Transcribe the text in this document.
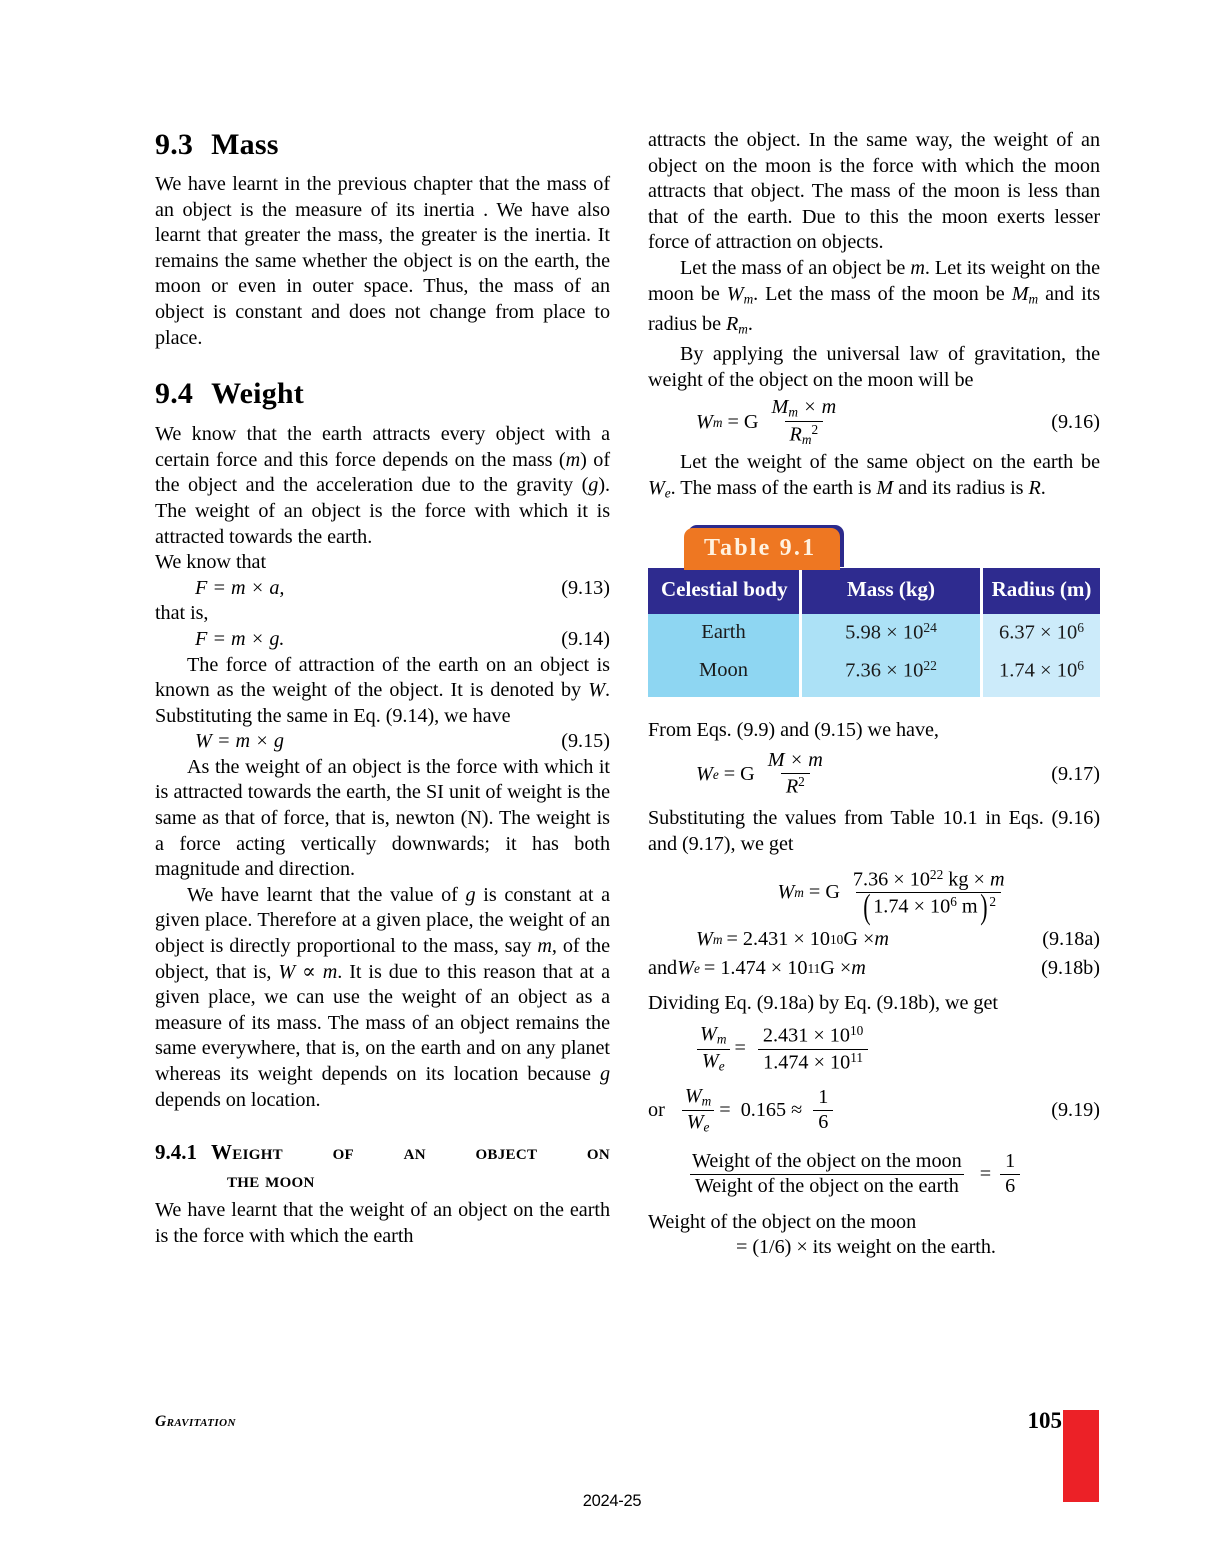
9.3 Mass

We have learnt in the previous chapter that the mass of an object is the measure of its inertia . We have also learnt that greater the mass, the greater is the inertia. It remains the same whether the object is on the earth, the moon or even in outer space. Thus, the mass of an object is constant and does not change from place to place.

9.4 Weight

We know that the earth attracts every object with a certain force and this force depends on the mass (m) of the object and the acceleration due to the gravity (g). The weight of an object is the force with which it is attracted towards the earth.

We know that

F = m × a,	(9.13)

that is,

F = m × g.	(9.14)

The force of attraction of the earth on an object is known as the weight of the object. It is denoted by W. Substituting the same in Eq. (9.14), we have

W = m × g	(9.15)

As the weight of an object is the force with which it is attracted towards the earth, the SI unit of weight is the same as that of force, that is, newton (N). The weight is a force acting vertically downwards; it has both magnitude and direction.

We have learnt that the value of g is constant at a given place. Therefore at a given place, the weight of an object is directly proportional to the mass, say m, of the object, that is, W ∝ m. It is due to this reason that at a given place, we can use the weight of an object as a measure of its mass. The mass of an object remains the same everywhere, that is, on the earth and on any planet whereas its weight depends on its location because g depends on location.

9.4.1 Weight of an object on
the moon

We have learnt that the weight of an object on the earth is the force with which the earth

attracts the object. In the same way, the weight of an object on the moon is the force with which the moon attracts that object. The mass of the moon is less than that of the earth. Due to this the moon exerts lesser force of attraction on objects.

Let the mass of an object be m. Let its weight on the moon be $W_m$. Let the mass of the moon be $M_m$ and its radius be $R_m$.

By applying the universal law of gravitation, the weight of the object on the moon will be

W m = G $\frac{M_m \times m}{R_m^2}$	(9.16)

Let the weight of the same object on the earth be $W_e$. The mass of the earth is M and its radius is R.

Table 9.1
Celestial body	Mass (kg)	Radius (m)
Earth	$5.98 \times 10^{24}$	$6.37 \times 10^6$
Moon	$7.36 \times 10^{22}$	$1.74 \times 10^6$

From Eqs. (9.9) and (9.15) we have,

W e = G $\frac{M \times m}{R^2}$	(9.17)

Substituting the values from Table 10.1 in Eqs. (9.16) and (9.17), we get

W m = G $\frac{7.36 \times 10^{22} kg \times m}{( 1.74 \times 10^6 m) ^2}$
W m = 2.431 × 10 10 G × m	(9.18a)
and W e = 1.474 × 10 11 G × m	(9.18b)

Dividing Eq. (9.18a) by Eq. (9.18b), we get

$\frac{W_m}{W_e} = \frac{2.431 \times 10^{10}}{1.474 \times 10^{11}}$
or $\frac{W_m}{W_e} = 0.165 \approx \frac{1}{6}$	(9.19)
$\frac{\text{Weight of the object on the moon}}{\text{Weight of the object on the earth}} = \frac{1}{6}$

Weight of the object on the moon

= (1/6) × its weight on the earth.

Gravitation	105
2024-25
